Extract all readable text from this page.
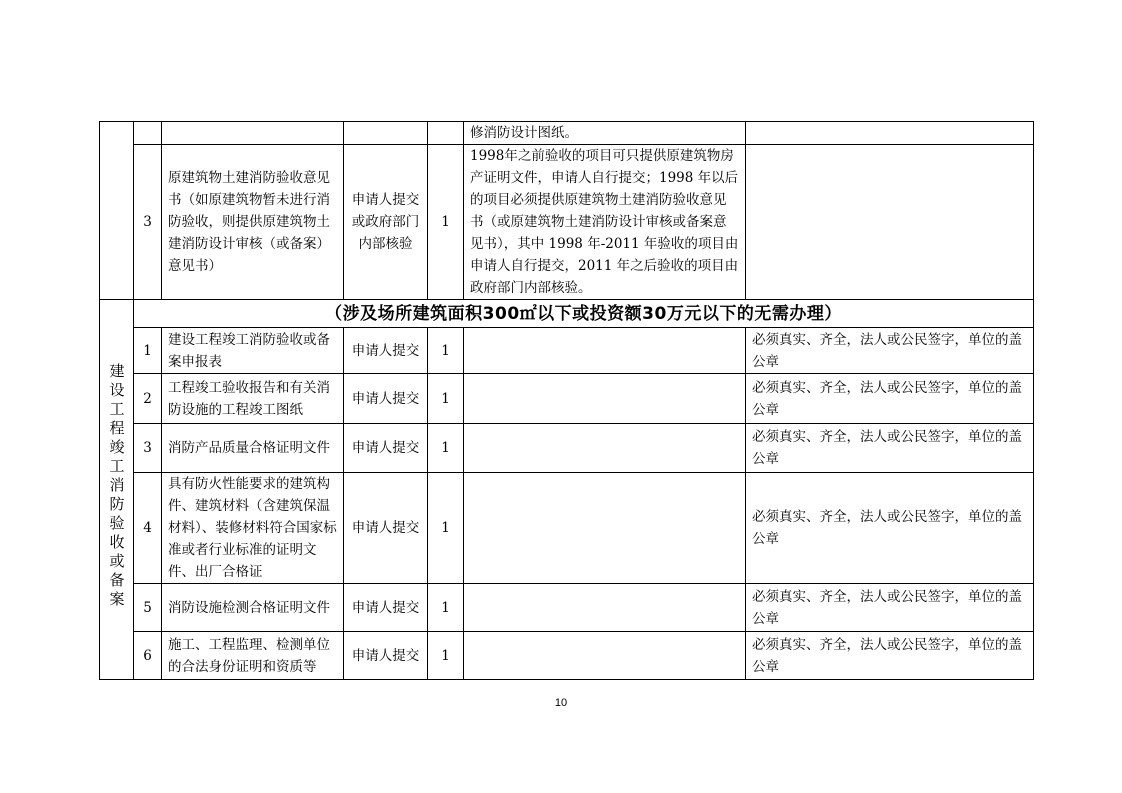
					修消防设计图纸。	
	3	原建筑物土建消防验收意见书（如原建筑物暂未进行消防验收，则提供原建筑物土建消防设计审核（或备案）意见书）	申请人提交或政府部门内部核验	1	1998年之前验收的项目可只提供原建筑物房产证明文件，申请人自行提交；1998 年以后的项目必须提供原建筑物土建消防验收意见书（或原建筑物土建消防设计审核或备案意见书），其中 1998 年-2011 年验收的项目由申请人自行提交，2011 年之后验收的项目由政府部门内部核验。	
建设工程竣工消防验收或备案	（涉及场所建筑面积300㎡以下或投资额30万元以下的无需办理）					
	1	建设工程竣工消防验收或备案申报表	申请人提交	1		必须真实、齐全，法人或公民签字，单位的盖公章
	2	工程竣工验收报告和有关消防设施的工程竣工图纸	申请人提交	1		必须真实、齐全，法人或公民签字，单位的盖公章
	3	消防产品质量合格证明文件	申请人提交	1		必须真实、齐全，法人或公民签字，单位的盖公章
	4	具有防火性能要求的建筑构件、建筑材料（含建筑保温材料）、装修材料符合国家标准或者行业标准的证明文件、出厂合格证	申请人提交	1		必须真实、齐全，法人或公民签字，单位的盖公章
	5	消防设施检测合格证明文件	申请人提交	1		必须真实、齐全，法人或公民签字，单位的盖公章
	6	施工、工程监理、检测单位的合法身份证明和资质等	申请人提交	1		必须真实、齐全，法人或公民签字，单位的盖公章
10
